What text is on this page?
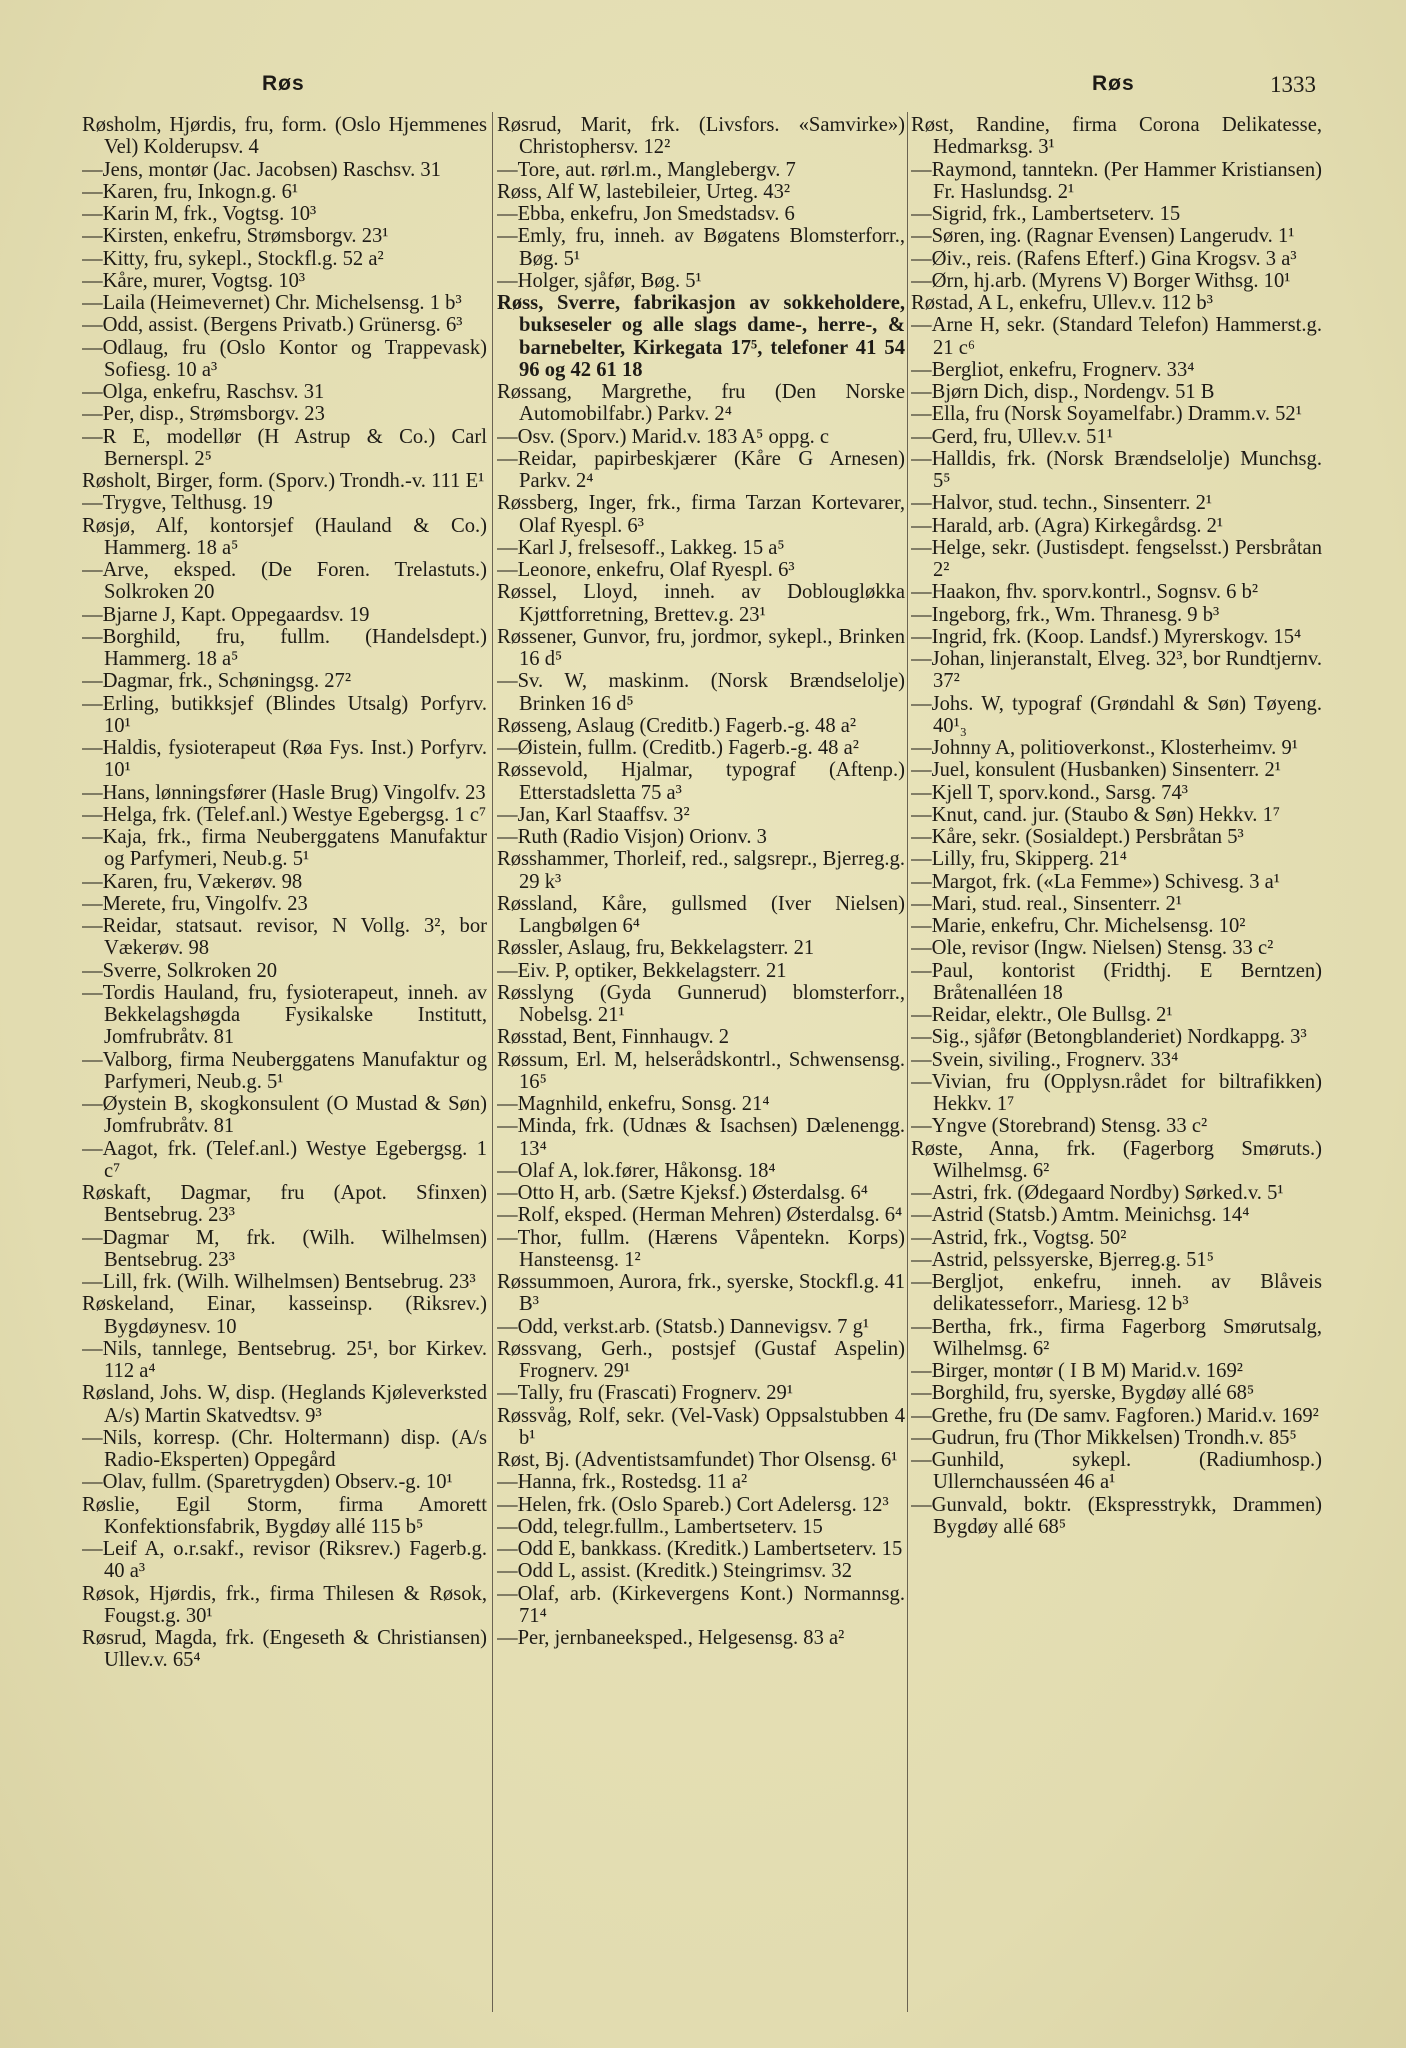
Røs	Røs	1333

Røsholm, Hjørdis, fru, form. (Oslo Hjemmenes Vel) Kolderupsv. 4

—Jens, montør (Jac. Jacobsen) Raschsv. 31

—Karen, fru, Inkogn.g. 6¹

—Karin M, frk., Vogtsg. 10³

—Kirsten, enkefru, Strømsborgv. 23¹

—Kitty, fru, sykepl., Stockfl.g. 52 a²

—Kåre, murer, Vogtsg. 10³

—Laila (Heimevernet) Chr. Michelsensg. 1 b³

—Odd, assist. (Bergens Privatb.) Grünersg. 6³

—Odlaug, fru (Oslo Kontor og Trappevask) Sofiesg. 10 a³

—Olga, enkefru, Raschsv. 31

—Per, disp., Strømsborgv. 23

—R E, modellør (H Astrup & Co.) Carl Bernerspl. 2⁵

Røsholt, Birger, form. (Sporv.) Trondh.-v. 111 E¹

—Trygve, Telthusg. 19

Røsjø, Alf, kontorsjef (Hauland & Co.) Hammerg. 18 a⁵

—Arve, eksped. (De Foren. Trelastuts.) Solkroken 20

—Bjarne J, Kapt. Oppegaardsv. 19

—Borghild, fru, fullm. (Handelsdept.) Hammerg. 18 a⁵

—Dagmar, frk., Schøningsg. 27²

—Erling, butikksjef (Blindes Utsalg) Porfyrv. 10¹

—Haldis, fysioterapeut (Røa Fys. Inst.) Porfyrv. 10¹

—Hans, lønningsfører (Hasle Brug) Vingolfv. 23

—Helga, frk. (Telef.anl.) Westye Egebergsg. 1 c⁷

—Kaja, frk., firma Neuberggatens Manufaktur og Parfymeri, Neub.g. 5¹

—Karen, fru, Vækerøv. 98

—Merete, fru, Vingolfv. 23

—Reidar, statsaut. revisor, N Vollg. 3², bor Vækerøv. 98

—Sverre, Solkroken 20

—Tordis Hauland, fru, fysioterapeut, inneh. av Bekkelagshøgda Fysikalske Institutt, Jomfrubråtv. 81

—Valborg, firma Neuberggatens Manufaktur og Parfymeri, Neub.g. 5¹

—Øystein B, skogkonsulent (O Mustad & Søn) Jomfrubråtv. 81

—Aagot, frk. (Telef.anl.) Westye Egebergsg. 1 c⁷

Røskaft, Dagmar, fru (Apot. Sfinxen) Bentsebrug. 23³

—Dagmar M, frk. (Wilh. Wilhelmsen) Bentsebrug. 23³

—Lill, frk. (Wilh. Wilhelmsen) Bentsebrug. 23³

Røskeland, Einar, kasseinsp. (Riksrev.) Bygdøynesv. 10

—Nils, tannlege, Bentsebrug. 25¹, bor Kirkev. 112 a⁴

Røsland, Johs. W, disp. (Heglands Kjøleverksted A/s) Martin Skatvedtsv. 9³

—Nils, korresp. (Chr. Holtermann) disp. (A/s Radio-Eksperten) Oppegård

—Olav, fullm. (Sparetrygden) Observ.-g. 10¹

Røslie, Egil Storm, firma Amorett Konfektionsfabrik, Bygdøy allé 115 b⁵

—Leif A, o.r.sakf., revisor (Riksrev.) Fagerb.g. 40 a³

Røsok, Hjørdis, frk., firma Thilesen & Røsok, Fougst.g. 30¹

Røsrud, Magda, frk. (Engeseth & Christiansen) Ullev.v. 65⁴

Røsrud, Marit, frk. (Livsfors. «Samvirke») Christophersv. 12²

—Tore, aut. rørl.m., Manglebergv. 7

Røss, Alf W, lastebileier, Urteg. 43²

—Ebba, enkefru, Jon Smedstadsv. 6

—Emly, fru, inneh. av Bøgatens Blomsterforr., Bøg. 5¹

—Holger, sjåfør, Bøg. 5¹

Røss, Sverre, fabrikasjon av sokkeholdere, bukseseler og alle slags dame-, herre-, & barnebelter, Kirkegata 17⁵, telefoner 41 54 96 og 42 61 18

Røssang, Margrethe, fru (Den Norske Automobilfabr.) Parkv. 2⁴

—Osv. (Sporv.) Marid.v. 183 A⁵ oppg. c

—Reidar, papirbeskjærer (Kåre G Arnesen) Parkv. 2⁴

Røssberg, Inger, frk., firma Tarzan Kortevarer, Olaf Ryespl. 6³

—Karl J, frelsesoff., Lakkeg. 15 a⁵

—Leonore, enkefru, Olaf Ryespl. 6³

Røssel, Lloyd, inneh. av Doblougløkka Kjøttforretning, Brettev.g. 23¹

Røssener, Gunvor, fru, jordmor, sykepl., Brinken 16 d⁵

—Sv. W, maskinm. (Norsk Brændselolje) Brinken 16 d⁵

Røsseng, Aslaug (Creditb.) Fagerb.-g. 48 a²

—Øistein, fullm. (Creditb.) Fagerb.-g. 48 a²

Røssevold, Hjalmar, typograf (Aftenp.) Etterstadsletta 75 a³

—Jan, Karl Staaffsv. 3²

—Ruth (Radio Visjon) Orionv. 3

Røsshammer, Thorleif, red., salgsrepr., Bjerreg.g. 29 k³

Røssland, Kåre, gullsmed (Iver Nielsen) Langbølgen 6⁴

Røssler, Aslaug, fru, Bekkelagsterr. 21

—Eiv. P, optiker, Bekkelagsterr. 21

Røsslyng (Gyda Gunnerud) blomsterforr., Nobelsg. 21¹

Røsstad, Bent, Finnhaugv. 2

Røssum, Erl. M, helserådskontrl., Schwensensg. 16⁵

—Magnhild, enkefru, Sonsg. 21⁴

—Minda, frk. (Udnæs & Isachsen) Dælenengg. 13⁴

—Olaf A, lok.fører, Håkonsg. 18⁴

—Otto H, arb. (Sætre Kjeksf.) Østerdalsg. 6⁴

—Rolf, eksped. (Herman Mehren) Østerdalsg. 6⁴

—Thor, fullm. (Hærens Våpentekn. Korps) Hansteensg. 1²

Røssummoen, Aurora, frk., syerske, Stockfl.g. 41 B³

—Odd, verkst.arb. (Statsb.) Dannevigsv. 7 g¹

Røssvang, Gerh., postsjef (Gustaf Aspelin) Frognerv. 29¹

—Tally, fru (Frascati) Frognerv. 29¹

Røssvåg, Rolf, sekr. (Vel-Vask) Oppsalstubben 4 b¹

Røst, Bj. (Adventistsamfundet) Thor Olsensg. 6¹

—Hanna, frk., Rostedsg. 11 a²

—Helen, frk. (Oslo Spareb.) Cort Adelersg. 12³

—Odd, telegr.fullm., Lambertseterv. 15

—Odd E, bankkass. (Kreditk.) Lambertseterv. 15

—Odd L, assist. (Kreditk.) Steingrimsv. 32

—Olaf, arb. (Kirkevergens Kont.) Normannsg. 71⁴

—Per, jernbaneeksped., Helgesensg. 83 a²

Røst, Randine, firma Corona Delikatesse, Hedmarksg. 3¹

—Raymond, tanntekn. (Per Hammer Kristiansen) Fr. Haslundsg. 2¹

—Sigrid, frk., Lambertseterv. 15

—Søren, ing. (Ragnar Evensen) Langerudv. 1¹

—Øiv., reis. (Rafens Efterf.) Gina Krogsv. 3 a³

—Ørn, hj.arb. (Myrens V) Borger Withsg. 10¹

Røstad, A L, enkefru, Ullev.v. 112 b³

—Arne H, sekr. (Standard Telefon) Hammerst.g. 21 c⁶

—Bergliot, enkefru, Frognerv. 33⁴

—Bjørn Dich, disp., Nordengv. 51 B

—Ella, fru (Norsk Soyamelfabr.) Dramm.v. 52¹

—Gerd, fru, Ullev.v. 51¹

—Halldis, frk. (Norsk Brændselolje) Munchsg. 5⁵

—Halvor, stud. techn., Sinsenterr. 2¹

—Harald, arb. (Agra) Kirkegårdsg. 2¹

—Helge, sekr. (Justisdept. fengselsst.) Persbråtan 2²

—Haakon, fhv. sporv.kontrl., Sognsv. 6 b²

—Ingeborg, frk., Wm. Thranesg. 9 b³

—Ingrid, frk. (Koop. Landsf.) Myrerskogv. 15⁴

—Johan, linjeranstalt, Elveg. 32³, bor Rundtjernv. 37²

—Johs. W, typograf (Grøndahl & Søn) Tøyeng. 40¹₃

—Johnny A, politioverkonst., Klosterheimv. 9¹

—Juel, konsulent (Husbanken) Sinsenterr. 2¹

—Kjell T, sporv.kond., Sarsg. 74³

—Knut, cand. jur. (Staubo & Søn) Hekkv. 1⁷

—Kåre, sekr. (Sosialdept.) Persbråtan 5³

—Lilly, fru, Skipperg. 21⁴

—Margot, frk. («La Femme») Schivesg. 3 a¹

—Mari, stud. real., Sinsenterr. 2¹

—Marie, enkefru, Chr. Michelsensg. 10²

—Ole, revisor (Ingw. Nielsen) Stensg. 33 c²

—Paul, kontorist (Fridthj. E Berntzen) Bråtenalléen 18

—Reidar, elektr., Ole Bullsg. 2¹

—Sig., sjåfør (Betongblanderiet) Nordkappg. 3³

—Svein, siviling., Frognerv. 33⁴

—Vivian, fru (Opplysn.rådet for biltrafikken) Hekkv. 1⁷

—Yngve (Storebrand) Stensg. 33 c²

Røste, Anna, frk. (Fagerborg Smøruts.) Wilhelmsg. 6²

—Astri, frk. (Ødegaard Nordby) Sørked.v. 5¹

—Astrid (Statsb.) Amtm. Meinichsg. 14⁴

—Astrid, frk., Vogtsg. 50²

—Astrid, pelssyerske, Bjerreg.g. 51⁵

—Bergljot, enkefru, inneh. av Blåveis delikatesseforr., Mariesg. 12 b³

—Bertha, frk., firma Fagerborg Smørutsalg, Wilhelmsg. 6²

—Birger, montør ( I B M) Marid.v. 169²

—Borghild, fru, syerske, Bygdøy allé 68⁵

—Grethe, fru (De samv. Fagforen.) Marid.v. 169²

—Gudrun, fru (Thor Mikkelsen) Trondh.v. 85⁵

—Gunhild, sykepl. (Radiumhosp.) Ullernchausséen 46 a¹

—Gunvald, boktr. (Ekspresstrykk, Drammen) Bygdøy allé 68⁵
